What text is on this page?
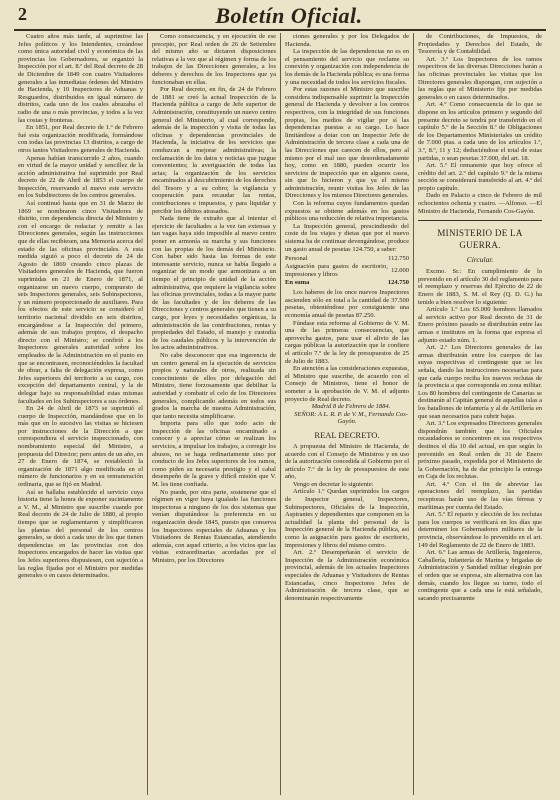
2	Boletín Oficial.

Cuatro años más tarde, al suprimirse las Jefes políticos y los Intendentes, creándose como única autoridad civil y económica de las provincias los Gobernadores, se organizó la Inspección por el art. 8.º del Real decreto de 28 de Diciembre de 1849 con cuatro Visitadores generales a las inmediatas órdenes del Ministro de Hacienda, y 10 Inspectores de Aduanas y Resguardos, distribuidos en igual número de distritos, cada uno de los cuales abrazaba el radio de una o más provincias, y todos a la vez las costas y fronteras.

En 1851, por Real decreto de 1.º de Febrero fué esta organización modificada, formándose con todas las provincias 13 distritos, a cargo de otros tantos Visitadores generales de Hacienda.

Apenas habían transcurrido 2 años, cuando en virtud de la mayor unidad y sencillez de la acción administrativa fué suprimido por Real decreto de 22 de Abril de 1853 el cuerpo de Inspección, reservando el nuevo este servicio en los Subdirectores de los centros generales.

Así continuó hasta que en 31 de Marzo de 1869 se nombraron cinco Visitadores de distrito, con dependencia directa del Ministro y con el encargo de redactar y remitir a las Direcciones generales, según las instrucciones que de ellas recibiesen, una Memoria acerca del estado de las oficinas provinciales. A esta medida siguió a poco el decreto de 24 de Agosto de 1869 creando cinco plazas de Visitadores generales de Hacienda, que fueron suprimidas en 21 de Enero de 1871, al organizarse un nuevo cuerpo, compuesto de seis Inspectores generales, seis Subinspectores, y un número proporcionado de auxiliares. Para los efectos de este servicio se consideró el territorio nacional dividido en seis distritos, encargándose a la Inspección del primero, además de sus trabajos propios, el despacho directo con el Ministro; se confirió a los Inspectores generales autoridad sobre los empleados de la Administración en el punto en que se encontrasen, reconociéndoles la facultad de obrar, a falta de delegación expresa, como Jefes superiores del territorio a su cargo, con excepción del departamento central, y la de delegar bajo su responsabilidad estas mismas facultades en los Subinspectores a sus órdenes.

En 24 de Abril de 1873 se suprimió el cuerpo de Inspección, mandándose que en lo más que en lo sucesivo las visitas se hiciesen por instrucciones de la Dirección a que correspondiera el servicio inspeccionado, con nombramiento especial del Ministro, a propuesta del Director; pero antes de un año, en 27 de Enero de 1874, se restableció la organización de 1871 algo modificada en el número de funcionarios y en su remuneración ordinaria, que se fijó en Madrid.

Así se hallaba establecido el servicio cuya historia tiene la honra de exponer sucintamente a V. M., al Ministro que suscribe cuando por Real decreto de 24 de Julio de 1880, al propio tiempo que se reglamentaron y simplificaron las plantas del personal de los centros generales, se dotó a cada uno de los que tienen dependencias en las provincias con dos Inspectores encargados de hacer las visitas que los Jefes superiores dispusiesen, con sujeción a las reglas fijadas por el Ministro por medidas generales o en casos determinados.

Como consecuencia, y en ejecución de ese precepto, por Real orden de 26 de Setiembre del mismo año se dictaron disposiciones relativas a la vez que al régimen y forma de los trabajos de las Direcciones generales, a los deberes y derechos de los Inspectores que ya funcionaban en ellas.

Por Real decreto, en fin, de 24 de Febrero de 1881 se creó la actual Inspección de la Hacienda pública a cargo de Jefe superior de Administración, constituyendo un nuevo centro general del Ministerio, al cual corresponde, además de la inspección y visita de todas las oficinas y dependencias provinciales de Hacienda, la iniciativa de los servicios que conduzcan a mejorar administrativas; la reclamación de los datos y noticias que juzgue convenientes; la averiguación de todas las actas; la organización de los servicios encaminados al descubrimiento de los derechos del Tesoro y a su cobro; la vigilancia y cooperación para recaudar las rentas, contribuciones e impuestos, y para liquidar y percibir los débitos atrasados.

Nada tiene de extraño que al intentar el ejercicio de facultades a la vez tan extensas y tan vagas haya sido imposible al nuevo centro poner en armonía su marcha y sus funciones con las propias de los demás del Ministerio. Con haber sido hasta las formas de este interesante servicio, nunca se había llegado a organizar de un modo que armonizara a un tiempo el principio de unidad de la acción administrativa, que requiere la vigilancia sobre las oficinas provinciales, todas a la mayor parte de las facultades y de los deberes de las Direcciones y centros generales que tienen a su cargo, por leyes y necesidades orgánicas, la administración de las contribuciones, rentas y propiedades del Estado, el manejo y custodia de los caudales públicos y la intervención de los actos administrativos.

No cabe desconocer que esa ingerencia de un centro general en la ejecución de servicios propios y naturales de otros, realizada sin conocimiento de ellos por delegación del Ministro, tiene forzosamente que debilitar la autoridad y combatir el celo de los Directores generales, complicando además en todos sus grados la marcha de nuestra Administración, que tanto necesita simplificarse.

Importa para ello que todo acto de inspección de las oficinas encaminado a conocer y a apreciar cómo se realizan los servicios, a impulsar los trabajos, a corregir los abusos, no se haga ordinariamente sino por conducto de los Jefes superiores de los ramos, como piden su necesaria prestigio y el cabal desempeño de la grave y difícil misión que V. M. les tiene confiada.

No puede, por otra parte, sostenerse que el régimen en vigor haya igualado las funciones inspectoras a ninguno de los dos sistemas que venían disputándose la preferencia en su organización desde 1845, puesto que conserva los Inspectores especiales de Aduanas y los Visitadores de Rentas Estancadas, atendiendo además, con aquel criterio, a los vicios que las visitas extraordinarias acordadas por el Ministro, por los Directores

ciones generales y por los Delegados de Hacienda.

La inspección de las dependencias no es en el pensamiento del servicio que reclame su conexión y organización con independencia de los demás de la Hacienda pública; es una forma y una necesidad de todos los servicios fiscales.

Por estas razones el Ministro que suscribe considera indispensable suprimir la Inspección general de Hacienda y devolver a los centros respectivos, con la integridad de sus funciones propias, los medios de vigilar por sí las dependencias puestas a su cargo. Lo hace limitándose a dotar con un Inspector Jefe de Administración de tercera clase a cada una de las Direcciones que carecen de ellos, pero al mismo por el mal uso que desordenadamente hoy, como en 1880, pueden ocurrir los servicios de inspección que en algunos casos, sin que lo hicieron y que ya el mismo administración, reunir visitas los Jefes de las Direcciones y los mismos Directores generales.

Con la reforma cuyos fundamentos quedan expuestos se obtiene además en los gastos públicos una reducción de relativa importancia.

La Inspección general, prescindiendo del coste de los viajes y dietas que por el nuevo sistema ha de continuar devengándose, produce un gasto anual de pesetas 124.750, a saber:

Personal	112.750
Asignación para gastos de escritorio, impresiones y libros	12.000
En suma	124.750

Los haberes de los once nuevos Inspectores ascienden sólo en total a la cantidad de 37.500 pesetas, obteniéndose por consiguiente una economía anual de pesetas 87.250.

Fúndase esta reforma al Gobierno de V. M. una de las primeras consecuencias, que aprovecha gastos, para usar el alivio de las cargas públicas la autorización que le confiere el artículo 7.º de la ley de presupuestos de 25 de Julio de 1883.

En atención a las consideraciones expuestas, el Ministro que suscribe, de acuerdo con el Consejo de Ministros, tiene el honor de someter a la aprobación de V. M. el adjunto proyecto de Real decreto.

Madrid 8 de Febrero de 1884.

SEÑOR: A L. R. P. de V. M., Fernando Cos-Gayón.

REAL DECRETO.

A propuesta del Ministro de Hacienda, de acuerdo con el Consejo de Ministros y en uso de la autorización concedida al Gobierno por el artículo 7.º de la ley de presupuestos de este año,

Vengo en decretar lo siguiente:

Artículo 1.º Quedan suprimidos los cargos de Inspector general, Inspectores, Subinspectores, Oficiales de la Inspección, Aspirantes y dependientes que componen en la actualidad la planta del personal de la Inspección general de la Hacienda pública, así como la asignación para gastos de escritorio, impresiones y libros del mismo centro.

Art. 2.º Desempeñarán el servicio de Inspección de la Administración económica provincial, además de los actuales Inspectores especiales de Aduanas y Visitadores de Rentas Estancadas, cinco Inspectores Jefes de Administración de tercera clase, que se denominarán respectivamente

de Contribuciones, de Impuestos, de Propiedades y Derechos del Estado, de Tesorería y de Contabilidad.

Art. 3.º Los Inspectores de los ramos respectivos de las diversas Direcciones harán a las oficinas provinciales las visitas que los Directores generales dispongan, con sujeción a las reglas que el Ministerio fije por medidas generales o en casos determinados.

Art. 4.º Como consecuencia de lo que se dispone en los artículos primero y segundo del presente decreto se tendrá por transferido en el capítulo 5.º de la Sección 8.ª de Obligaciones de los Departamentos Ministeriales un crédito de 7.000 ptas. a cada uno de los artículos 1.º, 3.º, 8.º, 11 y 12; deduciéndose el total de estas partidas, o sean pesetas 37.000, del art. 18.

Art. 5.º El remanente que hoy ofrece el crédito del art. 2.º del capítulo 9.º de la misma sección se considerará transferido al art. 4.º del propio capítulo.

Dado en Palacio a cinco de Febrero de mil ochocientos ochenta y cuatro. —Alfonso. —El Ministro de Hacienda, Fernando Cos-Gayón.

MINISTERIO DE LA GUERRA.
Circular.

Excmo. Sr.: En cumplimiento de lo prevenido en el artículo 30 del reglamento para el reemplazo y reservas del Ejército de 22 de Enero de 1883, S. M. el Rey (Q. D. G.) ha tenido a bien resolver lo siguiente:

Artículo 1.º Los 65.000 hombres llamados al servicio activo por Real decreto de 31 de Enero próximo pasado se distribuirán entre las armas e institutos en la forma que expresa el adjunto estado núm. 1.

Art. 2.º Los Directores generales de las armas distribuirán entre los cuerpos de las suyas respectivas el contingente que se les señala, dando las instrucciones necesarias para que cada cuerpo reciba los nuevos reclutas de la provincia a que corresponda en zona militar. Los 80 hombres del contingente de Canarias se destinarán al Capitán general de aquellas islas a los batallones de infantería y al de Artillería en que sean necesarios para cubrir bajas.

Art. 3.º Los expresados Directores generales dispondrán también que los Oficiales recaudadores se concentren en sus respectivos destinos el día 10 del actual, en que según lo prevenido en Real orden de 31 de Enero próximo pasado, expedida por el Ministerio de la Gobernación, ha de dar principio la entrega en Caja de los reclutas.

Art. 4.º Con el fin de abreviar las operaciones del reemplazo, las partidas receptoras harán uso de las vías férreas y marítimas por cuenta del Estado.

Art. 5.º El reparto y elección de los reclutas para los cuerpos se verificará en los días que determinen los Gobernadores militares de la provincia, observándose lo prevenido en el art. 149 del Reglamento de 22 de Enero de 1883.

Art. 6.º Las armas de Artillería, Ingenieros, Caballería, Infantería de Marina y brigadas de Administración y Sanidad militar elegirán por el orden que se expresa, sin alternativa con las demás, cuando los llegue su turno, todo el contingente que a cada una le está señalado, sacando precisamente
